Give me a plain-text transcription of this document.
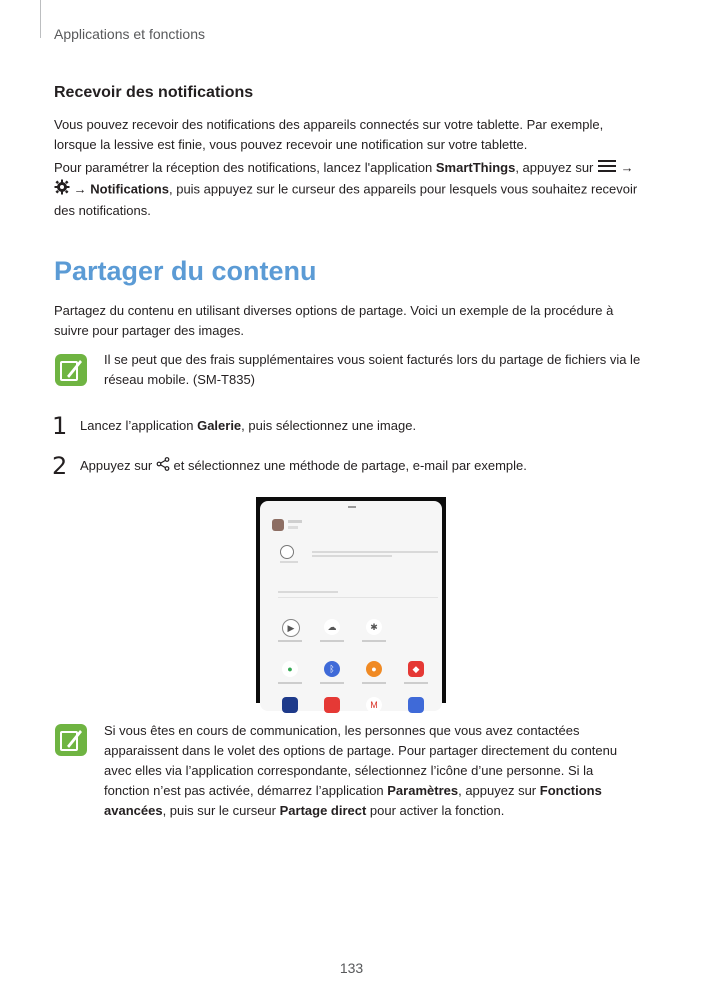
Applications et fonctions
Recevoir des notifications
Vous pouvez recevoir des notifications des appareils connectés sur votre tablette. Par exemple,
lorsque la lessive est finie, vous pouvez recevoir une notification sur votre tablette.
Pour paramétrer la réception des notifications, lancez l'application SmartThings, appuyez sur  →
→ Notifications, puis appuyez sur le curseur des appareils pour lesquels vous souhaitez recevoir
des notifications.
Partager du contenu
Partagez du contenu en utilisant diverses options de partage. Voici un exemple de la procédure à
suivre pour partager des images.
Il se peut que des frais supplémentaires vous soient facturés lors du partage de fichiers via le
réseau mobile. (SM-T835)
1 Lancez l’application Galerie, puis sélectionnez une image.
2 Appuyez sur  et sélectionnez une méthode de partage, e-mail par exemple.
▶	☁	✱
●	ᛒ	●	◆
M
Si vous êtes en cours de communication, les personnes que vous avez contactées
apparaissent dans le volet des options de partage. Pour partager directement du contenu
avec elles via l’application correspondante, sélectionnez l’icône d’une personne. Si la
fonction n’est pas activée, démarrez l’application Paramètres, appuyez sur Fonctions
avancées, puis sur le curseur Partage direct pour activer la fonction.
133
